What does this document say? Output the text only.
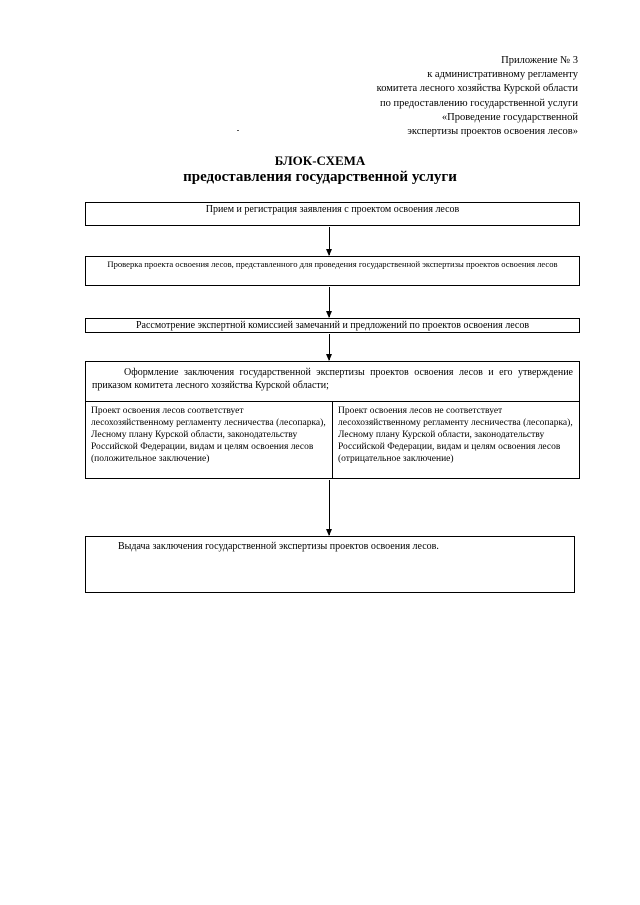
Приложение № 3
к административному регламенту
комитета лесного хозяйства Курской области
по предоставлению государственной услуги
«Проведение государственной
экспертизы проектов освоения лесов»
БЛОК-СХЕМА
предоставления государственной услуги
Прием и регистрация заявления с проектом освоения лесов
Проверка проекта освоения лесов, представленного для проведения государственной экспертизы проектов освоения лесов
Рассмотрение экспертной комиссией замечаний и предложений по проектов освоения лесов
Оформление заключения государственной экспертизы проектов освоения лесов и его утверждение приказом комитета лесного хозяйства Курской области;
Проект освоения лесов соответствует лесохозяйственному регламенту лесничества (лесопарка), Лесному плану Курской области, законодательству Российской Федерации, видам и целям освоения лесов (положительное заключение)
Проект освоения лесов не соответствует лесохозяйственному регламенту лесничества (лесопарка), Лесному плану Курской области, законодательству Российской Федерации, видам и целям освоения лесов (отрицательное заключение)
Выдача заключения государственной экспертизы проектов освоения лесов.
